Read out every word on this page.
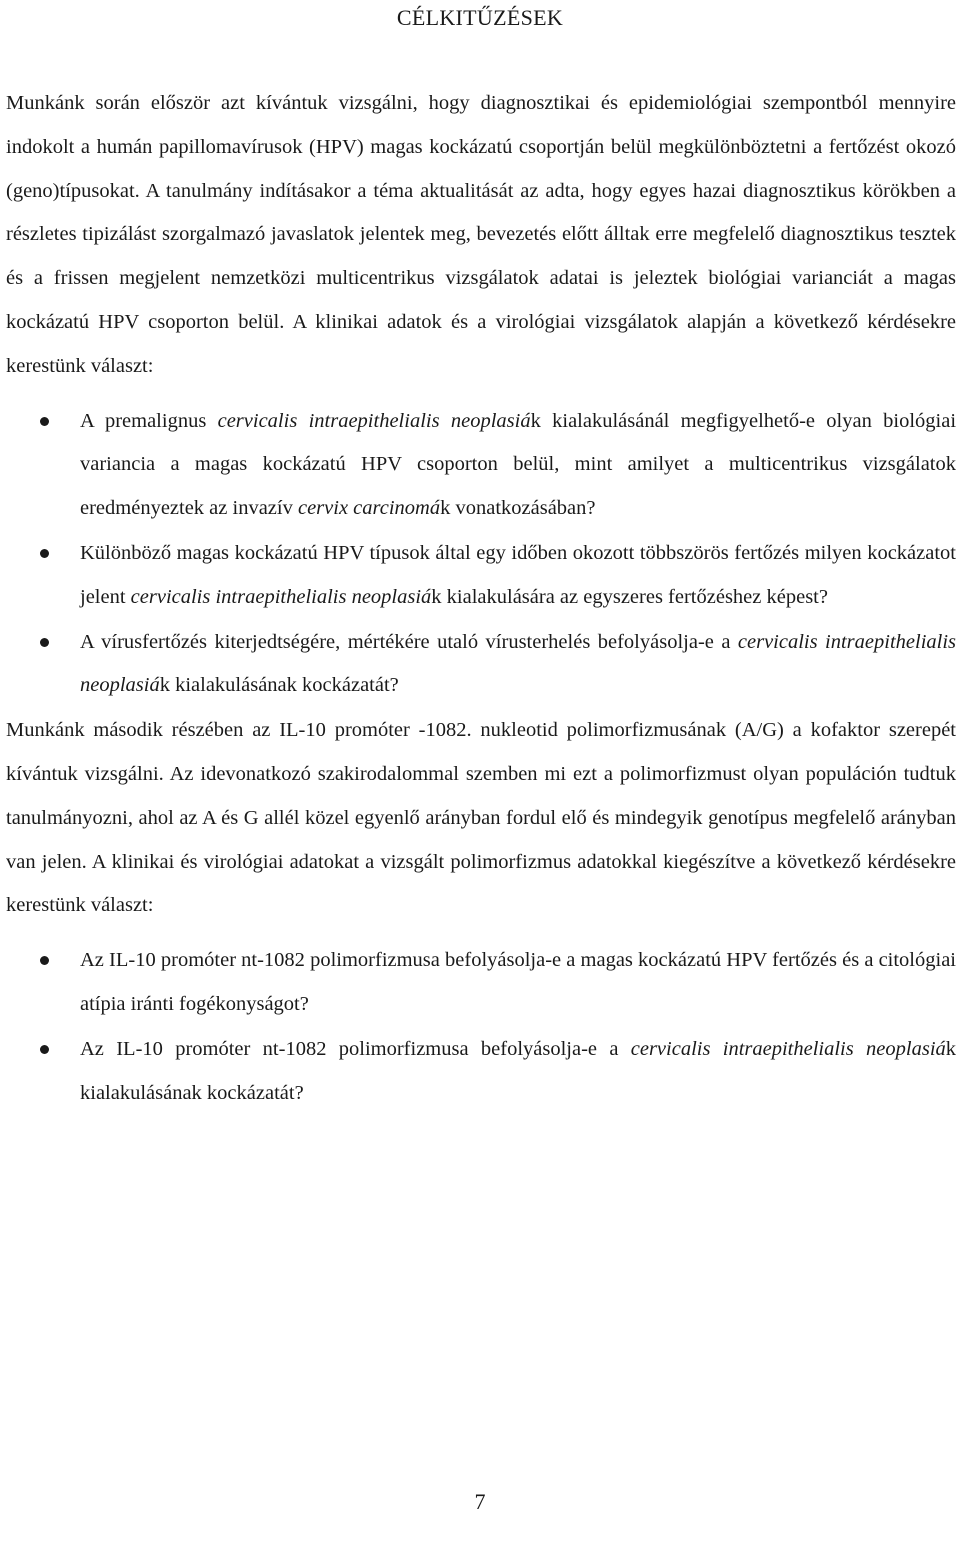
CÉLKITŰZÉSEK

Munkánk során először azt kívántuk vizsgálni, hogy diagnosztikai és epidemiológiai szempontból mennyire indokolt a humán papillomavírusok (HPV) magas kockázatú csoportján belül megkülönböztetni a fertőzést okozó (geno)típusokat. A tanulmány indításakor a téma aktualitását az adta, hogy egyes hazai diagnosztikus körökben a részletes tipizálást szorgalmazó javaslatok jelentek meg, bevezetés előtt álltak erre megfelelő diagnosztikus tesztek és a frissen megjelent nemzetközi multicentrikus vizsgálatok adatai is jeleztek biológiai varianciát a magas kockázatú HPV csoporton belül. A klinikai adatok és a virológiai vizsgálatok alapján a következő kérdésekre kerestünk választ:

A premalignus cervicalis intraepithelialis neoplasiák kialakulásánál megfigyelhető-e olyan biológiai variancia a magas kockázatú HPV csoporton belül, mint amilyet a multicentrikus vizsgálatok eredményeztek az invazív cervix carcinomák vonatkozásában?
Különböző magas kockázatú HPV típusok által egy időben okozott többszörös fertőzés milyen kockázatot jelent cervicalis intraepithelialis neoplasiák kialakulására az egyszeres fertőzéshez képest?
A vírusfertőzés kiterjedtségére, mértékére utaló vírusterhelés befolyásolja-e a cervicalis intraepithelialis neoplasiák kialakulásának kockázatát?

Munkánk második részében az IL-10 promóter -1082. nukleotid polimorfizmusának (A/G) a kofaktor szerepét kívántuk vizsgálni. Az idevonatkozó szakirodalommal szemben mi ezt a polimorfizmust olyan populáción tudtuk tanulmányozni, ahol az A és G allél közel egyenlő arányban fordul elő és mindegyik genotípus megfelelő arányban van jelen. A klinikai és virológiai adatokat a vizsgált polimorfizmus adatokkal kiegészítve a következő kérdésekre kerestünk választ:

Az IL-10 promóter nt-1082 polimorfizmusa befolyásolja-e a magas kockázatú HPV fertőzés és a citológiai atípia iránti fogékonyságot?
Az IL-10 promóter nt-1082 polimorfizmusa befolyásolja-e a cervicalis intraepithelialis neoplasiák kialakulásának kockázatát?
7
